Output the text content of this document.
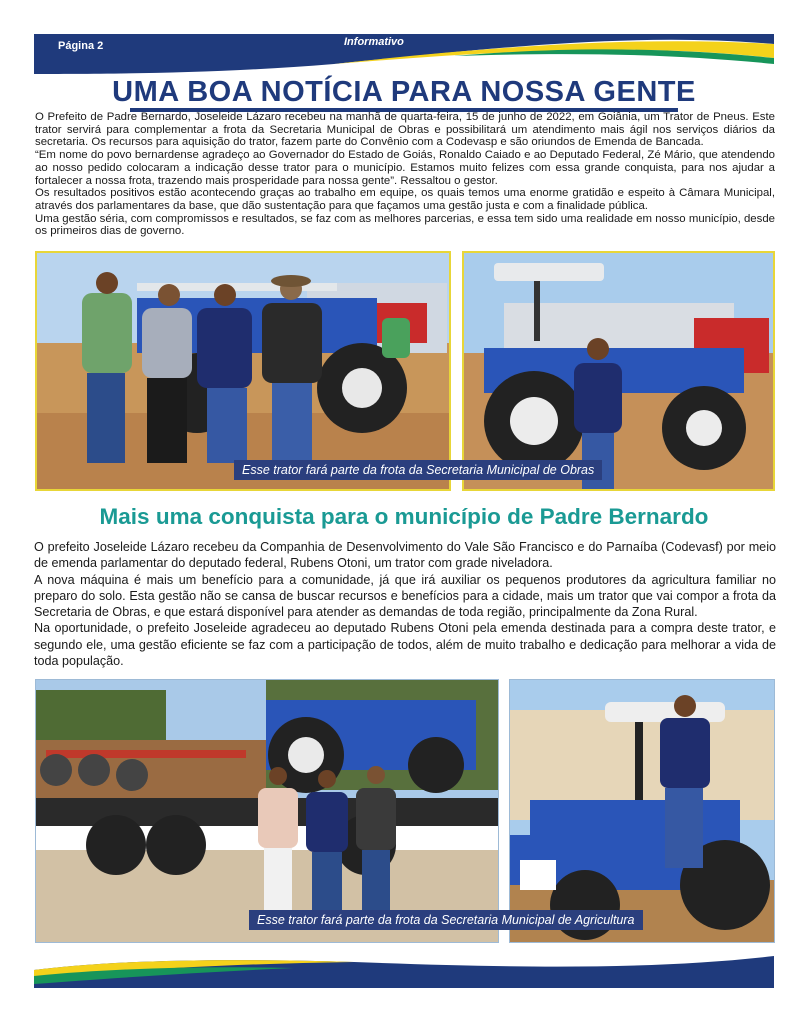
Página 2	Informativo
UMA BOA NOTÍCIA PARA NOSSA GENTE

O Prefeito de Padre Bernardo, Joseleide Lázaro recebeu na manhã de quarta-feira, 15 de junho de 2022, em Goiânia, um Trator de Pneus. Este trator servirá para complementar a frota da Secretaria Municipal de Obras e possibilitará um atendimento mais ágil nos serviços diários da secretaria. Os recursos para aquisição do trator, fazem parte do Convênio com a Codevasp e são oriundos de Emenda de Bancada.

“Em nome do povo bernardense agradeço ao Governador do Estado de Goiás, Ronaldo Caiado e ao Deputado Federal, Zé Mário, que atendendo ao nosso pedido colocaram a indicação desse trator para o município. Estamos muito felizes com essa grande conquista, para nos ajudar a fortalecer a nossa frota, trazendo mais prosperidade para nossa gente”. Ressaltou o gestor.

Os resultados positivos estão acontecendo graças ao trabalho em equipe, os quais temos uma enorme gratidão e espeito à Câmara Municipal, através dos parlamentares da base, que dão sustentação para que façamos uma gestão justa e com a finalidade pública.

Uma gestão séria, com compromissos e resultados, se faz com as melhores parcerias, e essa tem sido uma realidade em nosso município, desde os primeiros dias de governo.

Esse trator fará parte da frota da Secretaria Municipal de Obras
Mais uma conquista para o município de Padre Bernardo

O prefeito Joseleide Lázaro recebeu da Companhia de Desenvolvimento do Vale São Francisco e do Parnaíba (Codevasf) por meio de emenda parlamentar do deputado federal, Rubens Otoni, um trator com grade niveladora.

A nova máquina é mais um benefício para a comunidade, já que irá auxiliar os pequenos produtores da agricultura familiar no preparo do solo. Esta gestão não se cansa de buscar recursos e benefícios para a cidade, mais um trator que vai compor a frota da Secretaria de Obras, e que estará disponível para atender as demandas de toda região, principalmente da Zona Rural.

Na oportunidade, o prefeito Joseleide agradeceu ao deputado Rubens Otoni pela emenda destinada para a compra deste trator, e segundo ele, uma gestão eficiente se faz com a participação de todos, além de muito trabalho e dedicação para melhorar a vida de toda população.

Esse trator fará parte da frota da Secretaria Municipal de Agricultura
